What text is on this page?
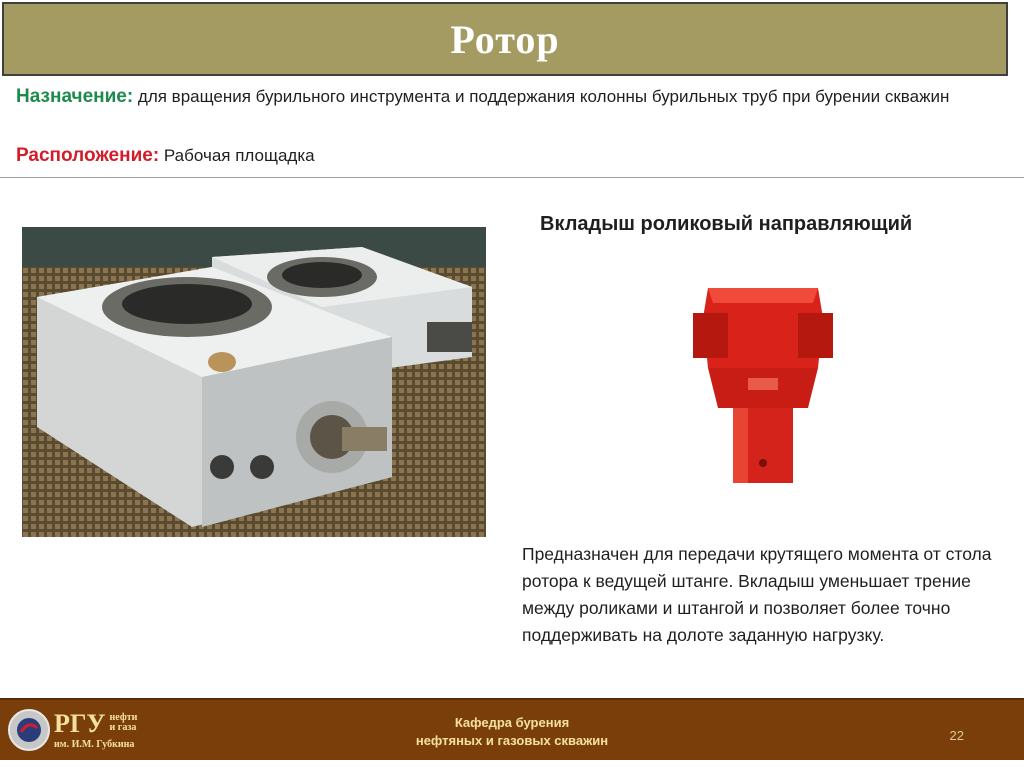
Ротор
Назначение: для вращения бурильного инструмента и поддержания колонны бурильных труб при бурении скважин
Расположение: Рабочая площадка
Вкладыш роликовый направляющий
Предназначен для передачи крутящего момента от стола ротора к ведущей штанге. Вкладыш уменьшает трение между роликами и штангой и позволяет более точно поддерживать на долоте заданную нагрузку.
РГУ нефти
и газа
им. И.М. Губкина
Кафедра бурения
нефтяных и газовых скважин	22
